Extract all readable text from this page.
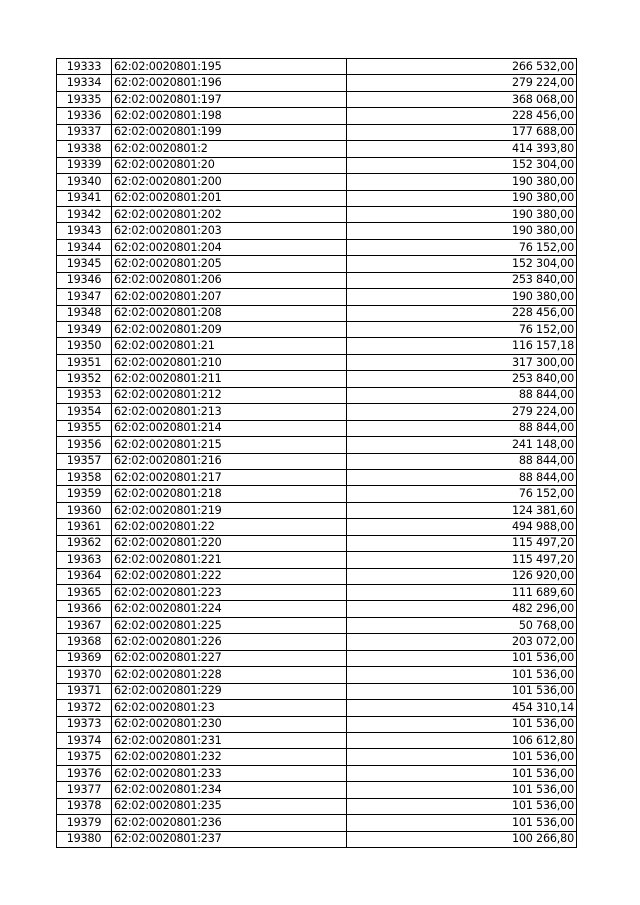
19333	62:02:0020801:195	266 532,00
19334	62:02:0020801:196	279 224,00
19335	62:02:0020801:197	368 068,00
19336	62:02:0020801:198	228 456,00
19337	62:02:0020801:199	177 688,00
19338	62:02:0020801:2	414 393,80
19339	62:02:0020801:20	152 304,00
19340	62:02:0020801:200	190 380,00
19341	62:02:0020801:201	190 380,00
19342	62:02:0020801:202	190 380,00
19343	62:02:0020801:203	190 380,00
19344	62:02:0020801:204	76 152,00
19345	62:02:0020801:205	152 304,00
19346	62:02:0020801:206	253 840,00
19347	62:02:0020801:207	190 380,00
19348	62:02:0020801:208	228 456,00
19349	62:02:0020801:209	76 152,00
19350	62:02:0020801:21	116 157,18
19351	62:02:0020801:210	317 300,00
19352	62:02:0020801:211	253 840,00
19353	62:02:0020801:212	88 844,00
19354	62:02:0020801:213	279 224,00
19355	62:02:0020801:214	88 844,00
19356	62:02:0020801:215	241 148,00
19357	62:02:0020801:216	88 844,00
19358	62:02:0020801:217	88 844,00
19359	62:02:0020801:218	76 152,00
19360	62:02:0020801:219	124 381,60
19361	62:02:0020801:22	494 988,00
19362	62:02:0020801:220	115 497,20
19363	62:02:0020801:221	115 497,20
19364	62:02:0020801:222	126 920,00
19365	62:02:0020801:223	111 689,60
19366	62:02:0020801:224	482 296,00
19367	62:02:0020801:225	50 768,00
19368	62:02:0020801:226	203 072,00
19369	62:02:0020801:227	101 536,00
19370	62:02:0020801:228	101 536,00
19371	62:02:0020801:229	101 536,00
19372	62:02:0020801:23	454 310,14
19373	62:02:0020801:230	101 536,00
19374	62:02:0020801:231	106 612,80
19375	62:02:0020801:232	101 536,00
19376	62:02:0020801:233	101 536,00
19377	62:02:0020801:234	101 536,00
19378	62:02:0020801:235	101 536,00
19379	62:02:0020801:236	101 536,00
19380	62:02:0020801:237	100 266,80
